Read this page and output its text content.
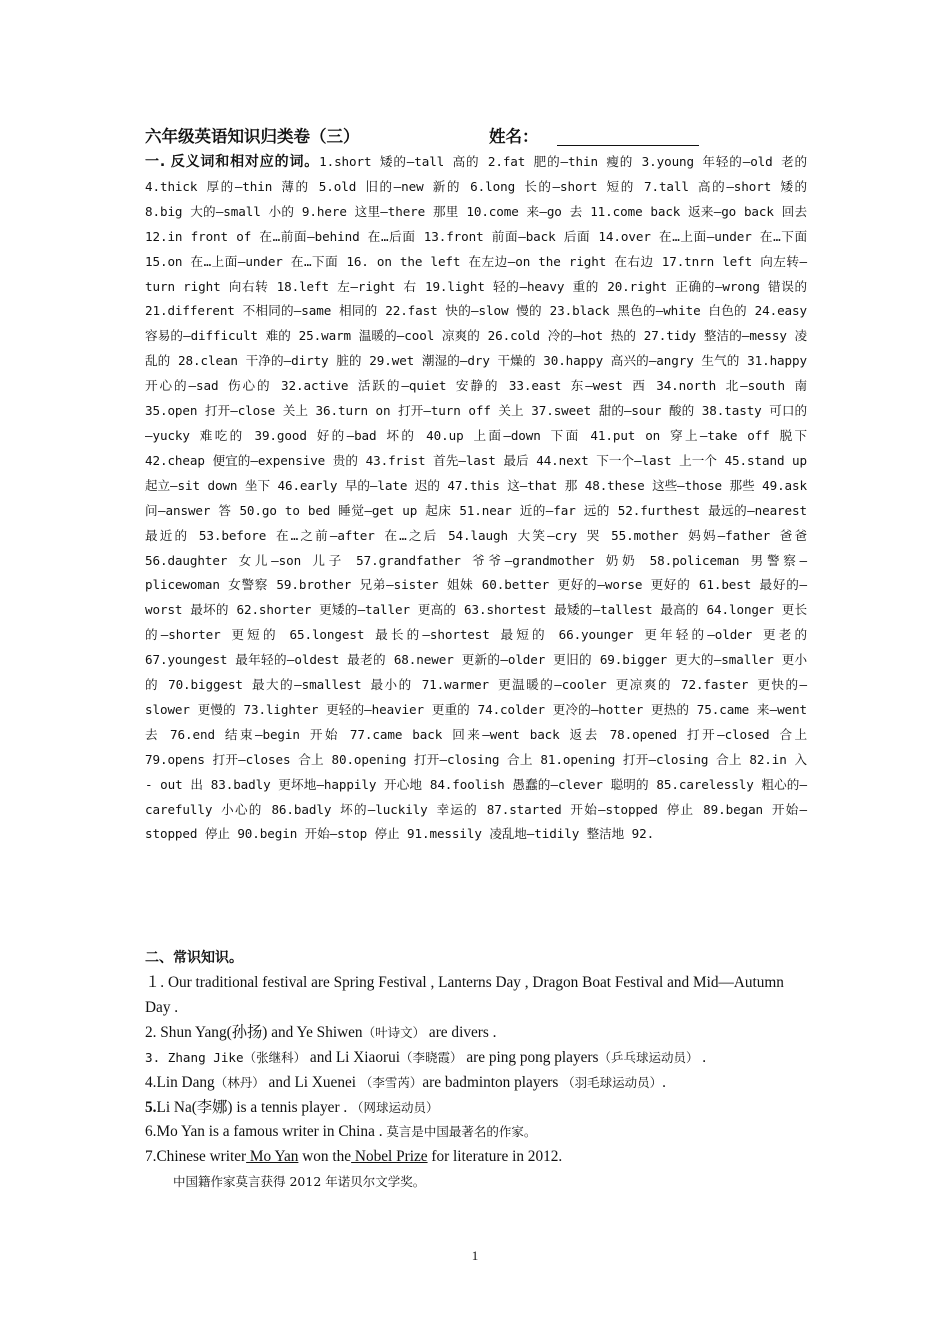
六年级英语知识归类卷（三）	姓名：
一. 反义词和相对应的词。1.short 矮的—tall 高的 2.fat 肥的—thin 瘦的 3.young 年轻的—old 老的 4.thick 厚的—thin 薄的 5.old 旧的—new 新的 6.long 长的—short 短的 7.tall 高的—short 矮的 8.big 大的—small 小的 9.here 这里—there 那里 10.come 来—go 去 11.come back 返来—go back 回去 12.in front of 在…前面—behind 在…后面 13.front 前面—back 后面 14.over 在…上面—under 在…下面 15.on 在…上面—under 在…下面 16. on the left 在左边—on the right 在右边 17.tnrn left 向左转—turn right 向右转 18.left 左—right 右 19.light 轻的—heavy 重的 20.right 正确的—wrong 错误的 21.different 不相同的—same 相同的 22.fast 快的—slow 慢的 23.black 黑色的—white 白色的 24.easy 容易的—difficult 难的 25.warm 温暖的—cool 凉爽的 26.cold 冷的—hot 热的 27.tidy 整洁的—messy 凌乱的 28.clean 干净的—dirty 脏的 29.wet 潮湿的—dry 干燥的 30.happy 高兴的—angry 生气的 31.happy 开心的—sad 伤心的 32.active 活跃的—quiet 安静的 33.east 东—west 西 34.north 北—south 南 35.open 打开—close 关上 36.turn on 打开—turn off 关上 37.sweet 甜的—sour 酸的 38.tasty 可口的—yucky 难吃的 39.good 好的—bad 坏的 40.up 上面—down 下面 41.put on 穿上—take off 脱下 42.cheap 便宜的—expensive 贵的 43.frist 首先—last 最后 44.next 下一个—last 上一个 45.stand up 起立—sit down 坐下 46.early 早的—late 迟的 47.this 这—that 那 48.these 这些—those 那些 49.ask 问—answer 答 50.go to bed 睡觉—get up 起床 51.near 近的—far 远的 52.furthest 最远的—nearest 最近的 53.before 在…之前—after 在…之后 54.laugh 大笑—cry 哭 55.mother 妈妈—father 爸爸 56.daughter 女儿—son 儿子 57.grandfather 爷爷—grandmother 奶奶 58.policeman 男警察—plicewoman 女警察 59.brother 兄弟—sister 姐妹 60.better 更好的—worse 更好的 61.best 最好的—worst 最坏的 62.shorter 更矮的—taller 更高的 63.shortest 最矮的—tallest 最高的 64.longer 更长的—shorter 更短的 65.longest 最长的—shortest 最短的 66.younger 更年轻的—older 更老的 67.youngest 最年轻的—oldest 最老的 68.newer 更新的—older 更旧的 69.bigger 更大的—smaller 更小的 70.biggest 最大的—smallest 最小的 71.warmer 更温暖的—cooler 更凉爽的 72.faster 更快的—slower 更慢的 73.lighter 更轻的—heavier 更重的 74.colder 更冷的—hotter 更热的 75.came 来—went 去 76.end 结束—begin 开始 77.came back 回来—went back 返去 78.opened 打开—closed 合上 79.opens 打开—closes 合上 80.opening 打开—closing 合上 81.opening 打开—closing 合上 82.in 入 - out 出 83.badly 更坏地—happily 开心地 84.foolish 愚蠢的—clever 聪明的 85.carelessly 粗心的—carefully 小心的 86.badly 坏的—luckily 幸运的 87.started 开始—stopped 停止 89.began 开始—stopped 停止 90.begin 开始—stop 停止 91.messily 凌乱地—tidily 整洁地 92.
二、常识知识。

１. Our traditional festival are Spring Festival , Lanterns Day , Dragon Boat Festival and Mid—Autumn Day .

2. Shun Yang(孙扬) and Ye Shiwen（叶诗文） are divers .

3. Zhang Jike（张继科） and Li Xiaorui（李晓霞） are ping pong players（乒乓球运动员） .

4.Lin Dang（林丹） and Li Xuenei （李雪芮）are badminton players （羽毛球运动员）.

5.Li Na(李娜) is a tennis player . （网球运动员）

6.Mo Yan is a famous writer in China . 莫言是中国最著名的作家。

7.Chinese writer Mo Yan won the Nobel Prize for literature in 2012.

中国籍作家莫言获得 2012 年诺贝尔文学奖。

1
